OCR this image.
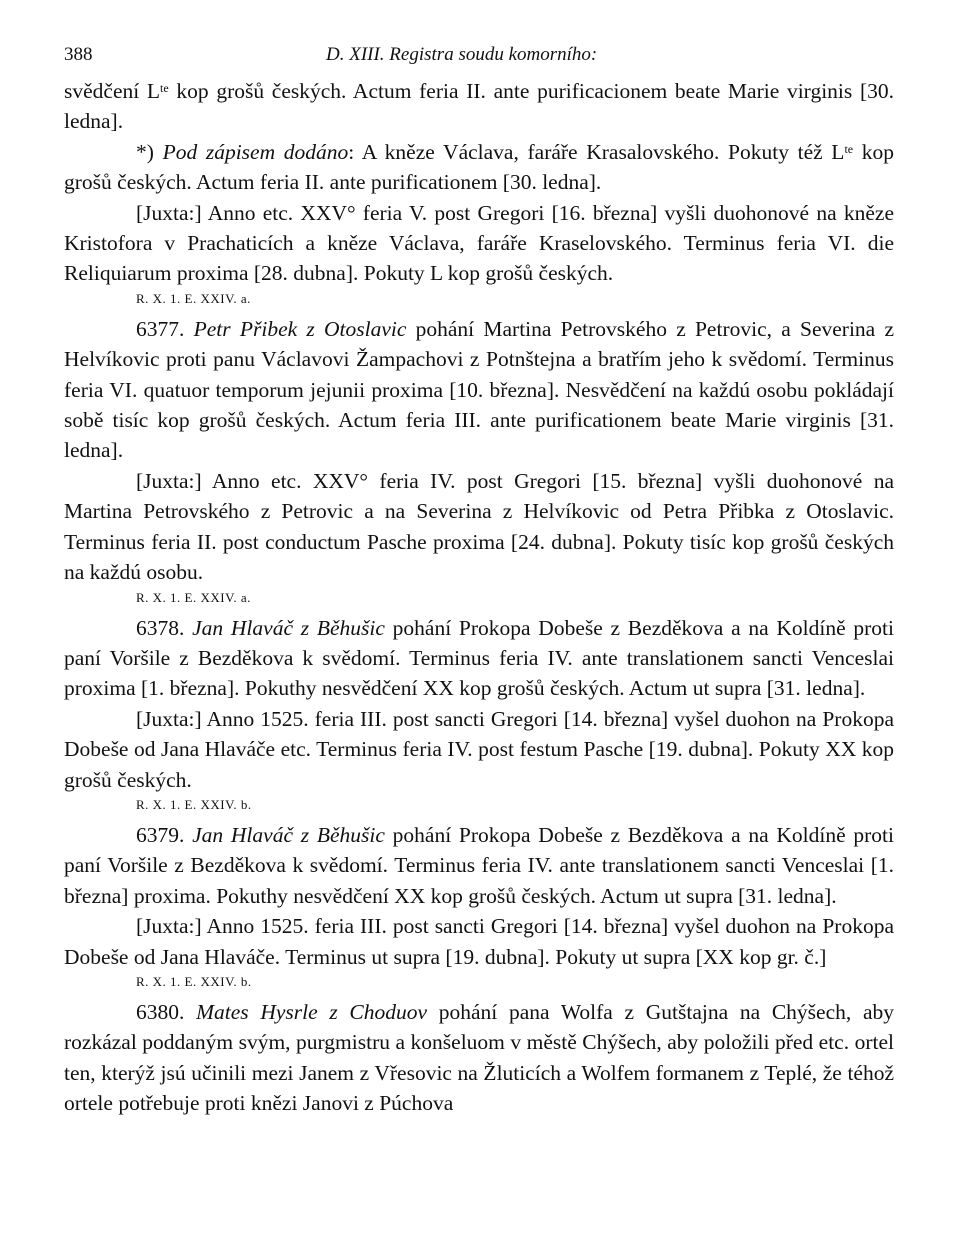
388	D. XIII. Registra soudu komorního:

svědčení $L^{te}$ kop grošů českých. Actum feria II. ante purificacionem beate Marie virginis [30. ledna].

*) Pod zápisem dodáno: A kněze Václava, faráře Krasalovského. Pokuty též $L^{te}$ kop grošů českých. Actum feria II. ante purificationem [30. ledna].

[Juxta:] Anno etc. XXV° feria V. post Gregori [16. března] vyšli duohonové na kněze Kristofora v Prachaticích a kněze Václava, faráře Kraselovského. Terminus feria VI. die Reliquiarum proxima [28. dubna]. Pokuty L kop grošů českých.

R. X. 1. E. XXIV. a.

6377. Petr Přibek z Otoslavic pohání Martina Petrovského z Petrovic, a Severina z Helvíkovic proti panu Václavovi Žampachovi z Potnštejna a bratřím jeho k svědomí. Terminus feria VI. quatuor temporum jejunii proxima [10. března]. Nesvědčení na každú osobu pokládají sobě tisíc kop grošů českých. Actum feria III. ante purificationem beate Marie virginis [31. ledna].

[Juxta:] Anno etc. XXV° feria IV. post Gregori [15. března] vyšli duohonové na Martina Petrovského z Petrovic a na Severina z Helvíkovic od Petra Přibka z Otoslavic. Terminus feria II. post conductum Pasche proxima [24. dubna]. Pokuty tisíc kop grošů českých na každú osobu.

R. X. 1. E. XXIV. a.

6378. Jan Hlaváč z Běhušic pohání Prokopa Dobeše z Bezděkova a na Koldíně proti paní Voršile z Bezděkova k svědomí. Terminus feria IV. ante translationem sancti Venceslai proxima [1. března]. Pokuthy nesvědčení XX kop grošů českých. Actum ut supra [31. ledna].

[Juxta:] Anno 1525. feria III. post sancti Gregori [14. března] vyšel duohon na Prokopa Dobeše od Jana Hlaváče etc. Terminus feria IV. post festum Pasche [19. dubna]. Pokuty XX kop grošů českých.

R. X. 1. E. XXIV. b.

6379. Jan Hlaváč z Běhušic pohání Prokopa Dobeše z Bezděkova a na Koldíně proti paní Voršile z Bezděkova k svědomí. Terminus feria IV. ante translationem sancti Venceslai [1. března] proxima. Pokuthy nesvědčení XX kop grošů českých. Actum ut supra [31. ledna].

[Juxta:] Anno 1525. feria III. post sancti Gregori [14. března] vyšel duohon na Prokopa Dobeše od Jana Hlaváče. Terminus ut supra [19. dubna]. Pokuty ut supra [XX kop gr. č.]

R. X. 1. E. XXIV. b.

6380. Mates Hysrle z Choduov pohání pana Wolfa z Gutštajna na Chýšech, aby rozkázal poddaným svým, purgmistru a konšeluom v městě Chýšech, aby položili před etc. ortel ten, kterýž jsú učinili mezi Janem z Vřesovic na Žluticích a Wolfem formanem z Teplé, že téhož ortele potřebuje proti knězi Janovi z Púchova
